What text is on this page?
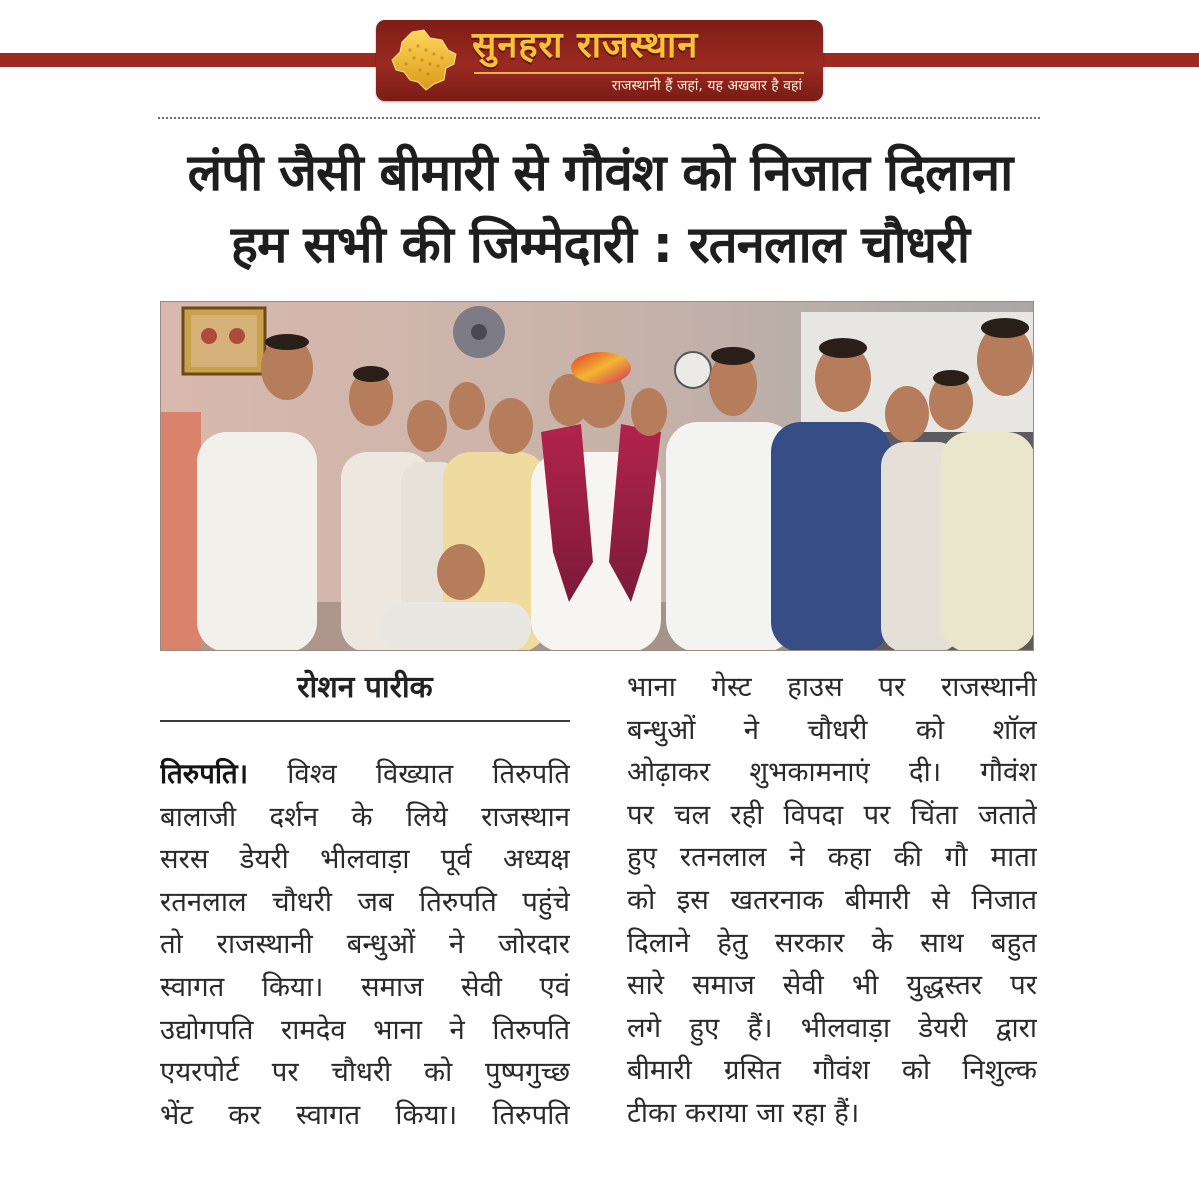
सुनहरा राजस्थान
राजस्थानी हैं जहां, यह अखबार है वहां
लंपी जैसी बीमारी से गौवंश को निजात दिलाना
हम सभी की जिम्मेदारी : रतनलाल चौधरी
रोशन पारीक
तिरुपति। विश्व विख्यात तिरुपति
बालाजी दर्शन के लिये राजस्थान
सरस डेयरी भीलवाड़ा पूर्व अध्यक्ष
रतनलाल चौधरी जब तिरुपति पहुंचे
तो राजस्थानी बन्धुओं ने जोरदार
स्वागत किया। समाज सेवी एवं
उद्योगपति रामदेव भाना ने तिरुपति
एयरपोर्ट पर चौधरी को पुष्पगुच्छ
भेंट कर स्वागत किया। तिरुपति
भाना गेस्ट हाउस पर राजस्थानी
बन्धुओं ने चौधरी को शॉल
ओढ़ाकर शुभकामनाएं दी। गौवंश
पर चल रही विपदा पर चिंता जताते
हुए रतनलाल ने कहा की गौ माता
को इस खतरनाक बीमारी से निजात
दिलाने हेतु सरकार के साथ बहुत
सारे समाज सेवी भी युद्धस्तर पर
लगे हुए हैं। भीलवाड़ा डेयरी द्वारा
बीमारी ग्रसित गौवंश को निशुल्क
टीका कराया जा रहा हैं।
